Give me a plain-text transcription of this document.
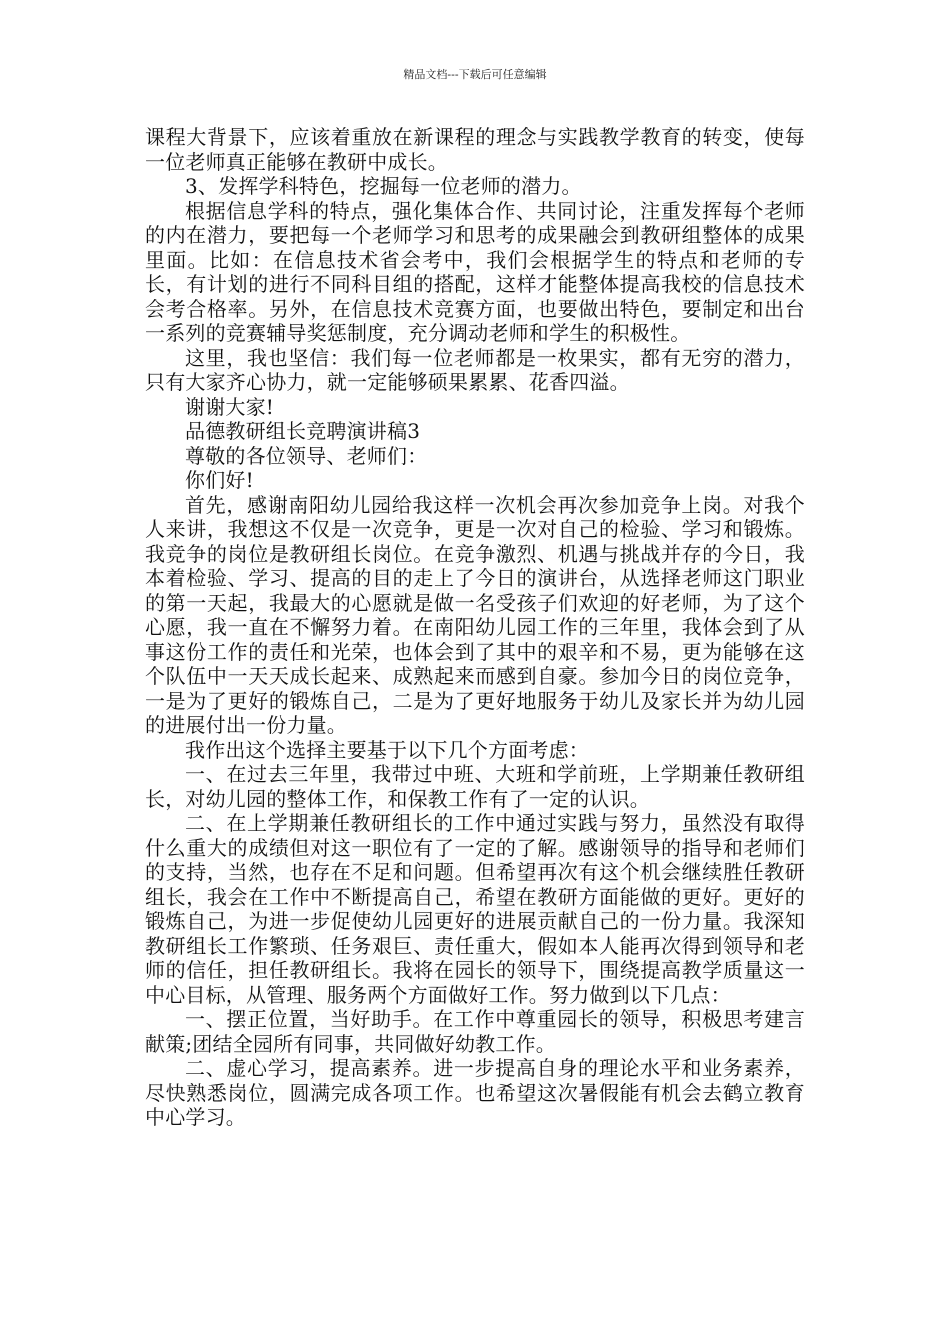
精品文档---下载后可任意编辑

课程大背景下，应该着重放在新课程的理念与实践教学教育的转变，使每一位老师真正能够在教研中成长。

3、发挥学科特色，挖掘每一位老师的潜力。

根据信息学科的特点，强化集体合作、共同讨论，注重发挥每个老师的内在潜力，要把每一个老师学习和思考的成果融会到教研组整体的成果里面。比如：在信息技术省会考中，我们会根据学生的特点和老师的专长，有计划的进行不同科目组的搭配，这样才能整体提高我校的信息技术会考合格率。另外，在信息技术竞赛方面，也要做出特色，要制定和出台一系列的竞赛辅导奖惩制度，充分调动老师和学生的积极性。

这里，我也坚信：我们每一位老师都是一枚果实，都有无穷的潜力，只有大家齐心协力，就一定能够硕果累累、花香四溢。

谢谢大家!

品德教研组长竞聘演讲稿3

尊敬的各位领导、老师们：

你们好!

首先，感谢南阳幼儿园给我这样一次机会再次参加竞争上岗。对我个人来讲，我想这不仅是一次竞争，更是一次对自己的检验、学习和锻炼。我竞争的岗位是教研组长岗位。在竞争激烈、机遇与挑战并存的今日，我本着检验、学习、提高的目的走上了今日的演讲台，从选择老师这门职业的第一天起，我最大的心愿就是做一名受孩子们欢迎的好老师，为了这个心愿，我一直在不懈努力着。在南阳幼儿园工作的三年里，我体会到了从事这份工作的责任和光荣，也体会到了其中的艰辛和不易，更为能够在这个队伍中一天天成长起来、成熟起来而感到自豪。参加今日的岗位竞争，一是为了更好的锻炼自己，二是为了更好地服务于幼儿及家长并为幼儿园的进展付出一份力量。

我作出这个选择主要基于以下几个方面考虑：

一、在过去三年里，我带过中班、大班和学前班，上学期兼任教研组长，对幼儿园的整体工作，和保教工作有了一定的认识。

二、在上学期兼任教研组长的工作中通过实践与努力，虽然没有取得什么重大的成绩但对这一职位有了一定的了解。感谢领导的指导和老师们的支持，当然，也存在不足和问题。但希望再次有这个机会继续胜任教研组长，我会在工作中不断提高自己，希望在教研方面能做的更好。更好的锻炼自己，为进一步促使幼儿园更好的进展贡献自己的一份力量。我深知教研组长工作繁琐、任务艰巨、责任重大，假如本人能再次得到领导和老师的信任，担任教研组长。我将在园长的领导下，围绕提高教学质量这一中心目标，从管理、服务两个方面做好工作。努力做到以下几点：

一、摆正位置，当好助手。在工作中尊重园长的领导，积极思考建言献策;团结全园所有同事，共同做好幼教工作。

二、虚心学习，提高素养。进一步提高自身的理论水平和业务素养，尽快熟悉岗位，圆满完成各项工作。也希望这次暑假能有机会去鹤立教育中心学习。
